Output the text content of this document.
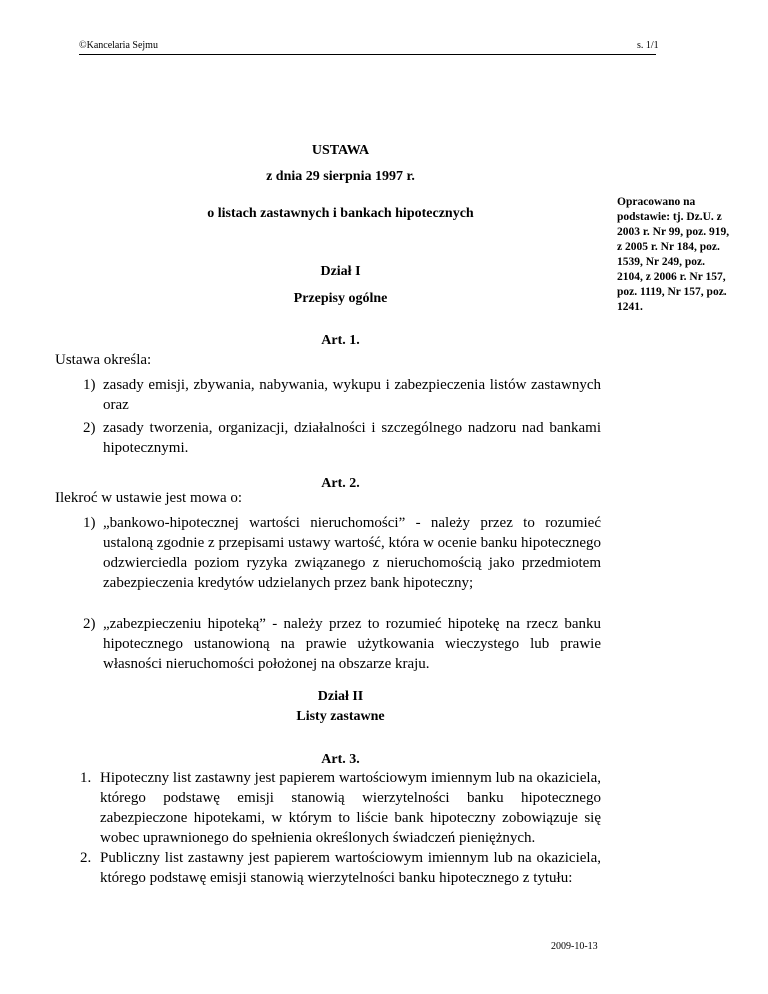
©Kancelaria Sejmu	s. 1/1
USTAWA
z dnia 29 sierpnia 1997 r.
o listach zastawnych i bankach hipotecznych
Opracowano na podstawie: tj. Dz.U. z 2003 r. Nr 99, poz. 919, z 2005 r. Nr 184, poz. 1539, Nr 249, poz. 2104, z 2006 r. Nr 157, poz. 1119, Nr 157, poz. 1241.
Dział I
Przepisy ogólne
Art. 1.
Ustawa określa:
1) zasady emisji, zbywania, nabywania, wykupu i zabezpieczenia listów zastawnych oraz
2) zasady tworzenia, organizacji, działalności i szczególnego nadzoru nad bankami hipotecznymi.
Art. 2.
Ilekroć w ustawie jest mowa o:
1) „bankowo-hipotecznej wartości nieruchomości” - należy przez to rozumieć ustaloną zgodnie z przepisami ustawy wartość, która w ocenie banku hipotecznego odzwierciedla poziom ryzyka związanego z nieruchomością jako przedmiotem zabezpieczenia kredytów udzielanych przez bank hipoteczny;
2) „zabezpieczeniu hipoteką” - należy przez to rozumieć hipotekę na rzecz banku hipotecznego ustanowioną na prawie użytkowania wieczystego lub prawie własności nieruchomości położonej na obszarze kraju.
Dział II
Listy zastawne
Art. 3.
1. Hipoteczny list zastawny jest papierem wartościowym imiennym lub na okaziciela, którego podstawę emisji stanowią wierzytelności banku hipotecznego zabezpieczone hipotekami, w którym to liście bank hipoteczny zobowiązuje się wobec uprawnionego do spełnienia określonych świadczeń pieniężnych.
2. Publiczny list zastawny jest papierem wartościowym imiennym lub na okaziciela, którego podstawę emisji stanowią wierzytelności banku hipotecznego z tytułu:
2009-10-13
